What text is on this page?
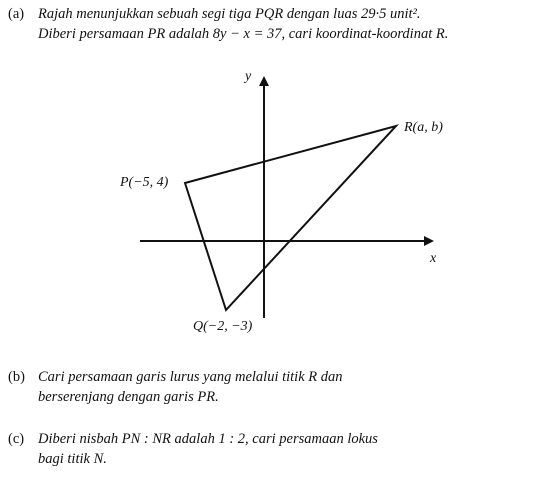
(a) Rajah menunjukkan sebuah segi tiga PQR dengan luas 29·5 unit².
Diberi persamaan PR adalah 8y − x = 37, cari koordinat-koordinat R.
y
x
P(−5, 4)
Q(−2, −3)
R(a, b)
(b) Cari persamaan garis lurus yang melalui titik R dan
berserenjang dengan garis PR.
(c) Diberi nisbah PN : NR adalah 1 : 2, cari persamaan lokus
bagi titik N.
